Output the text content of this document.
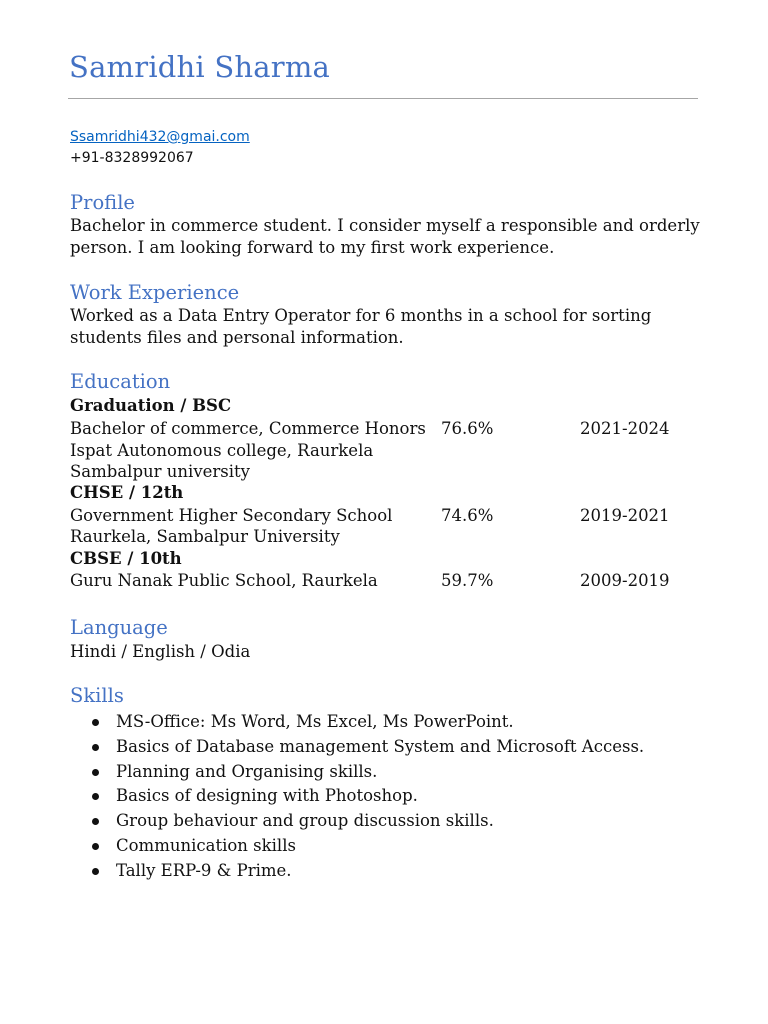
Samridhi Sharma
Ssamridhi432@gmai.com
+91-8328992067
Profile
Bachelor in commerce student. I consider myself a responsible and orderly
person. I am looking forward to my first work experience.
Work Experience
Worked as a Data Entry Operator for 6 months in a school for sorting
students files and personal information.
Education
Graduation / BSC
Bachelor of commerce, Commerce Honors 76.6%	2021-2024
Ispat Autonomous college, Raurkela
Sambalpur university
CHSE / 12th
Government Higher Secondary School	74.6%	2019-2021
Raurkela, Sambalpur University
CBSE / 10th
Guru Nanak Public School, Raurkela	59.7%	2009-2019
Language
Hindi / English / Odia
Skills
MS-Office: Ms Word, Ms Excel, Ms PowerPoint.
Basics of Database management System and Microsoft Access.
Planning and Organising skills.
Basics of designing with Photoshop.
Group behaviour and group discussion skills.
Communication skills
Tally ERP-9 & Prime.
